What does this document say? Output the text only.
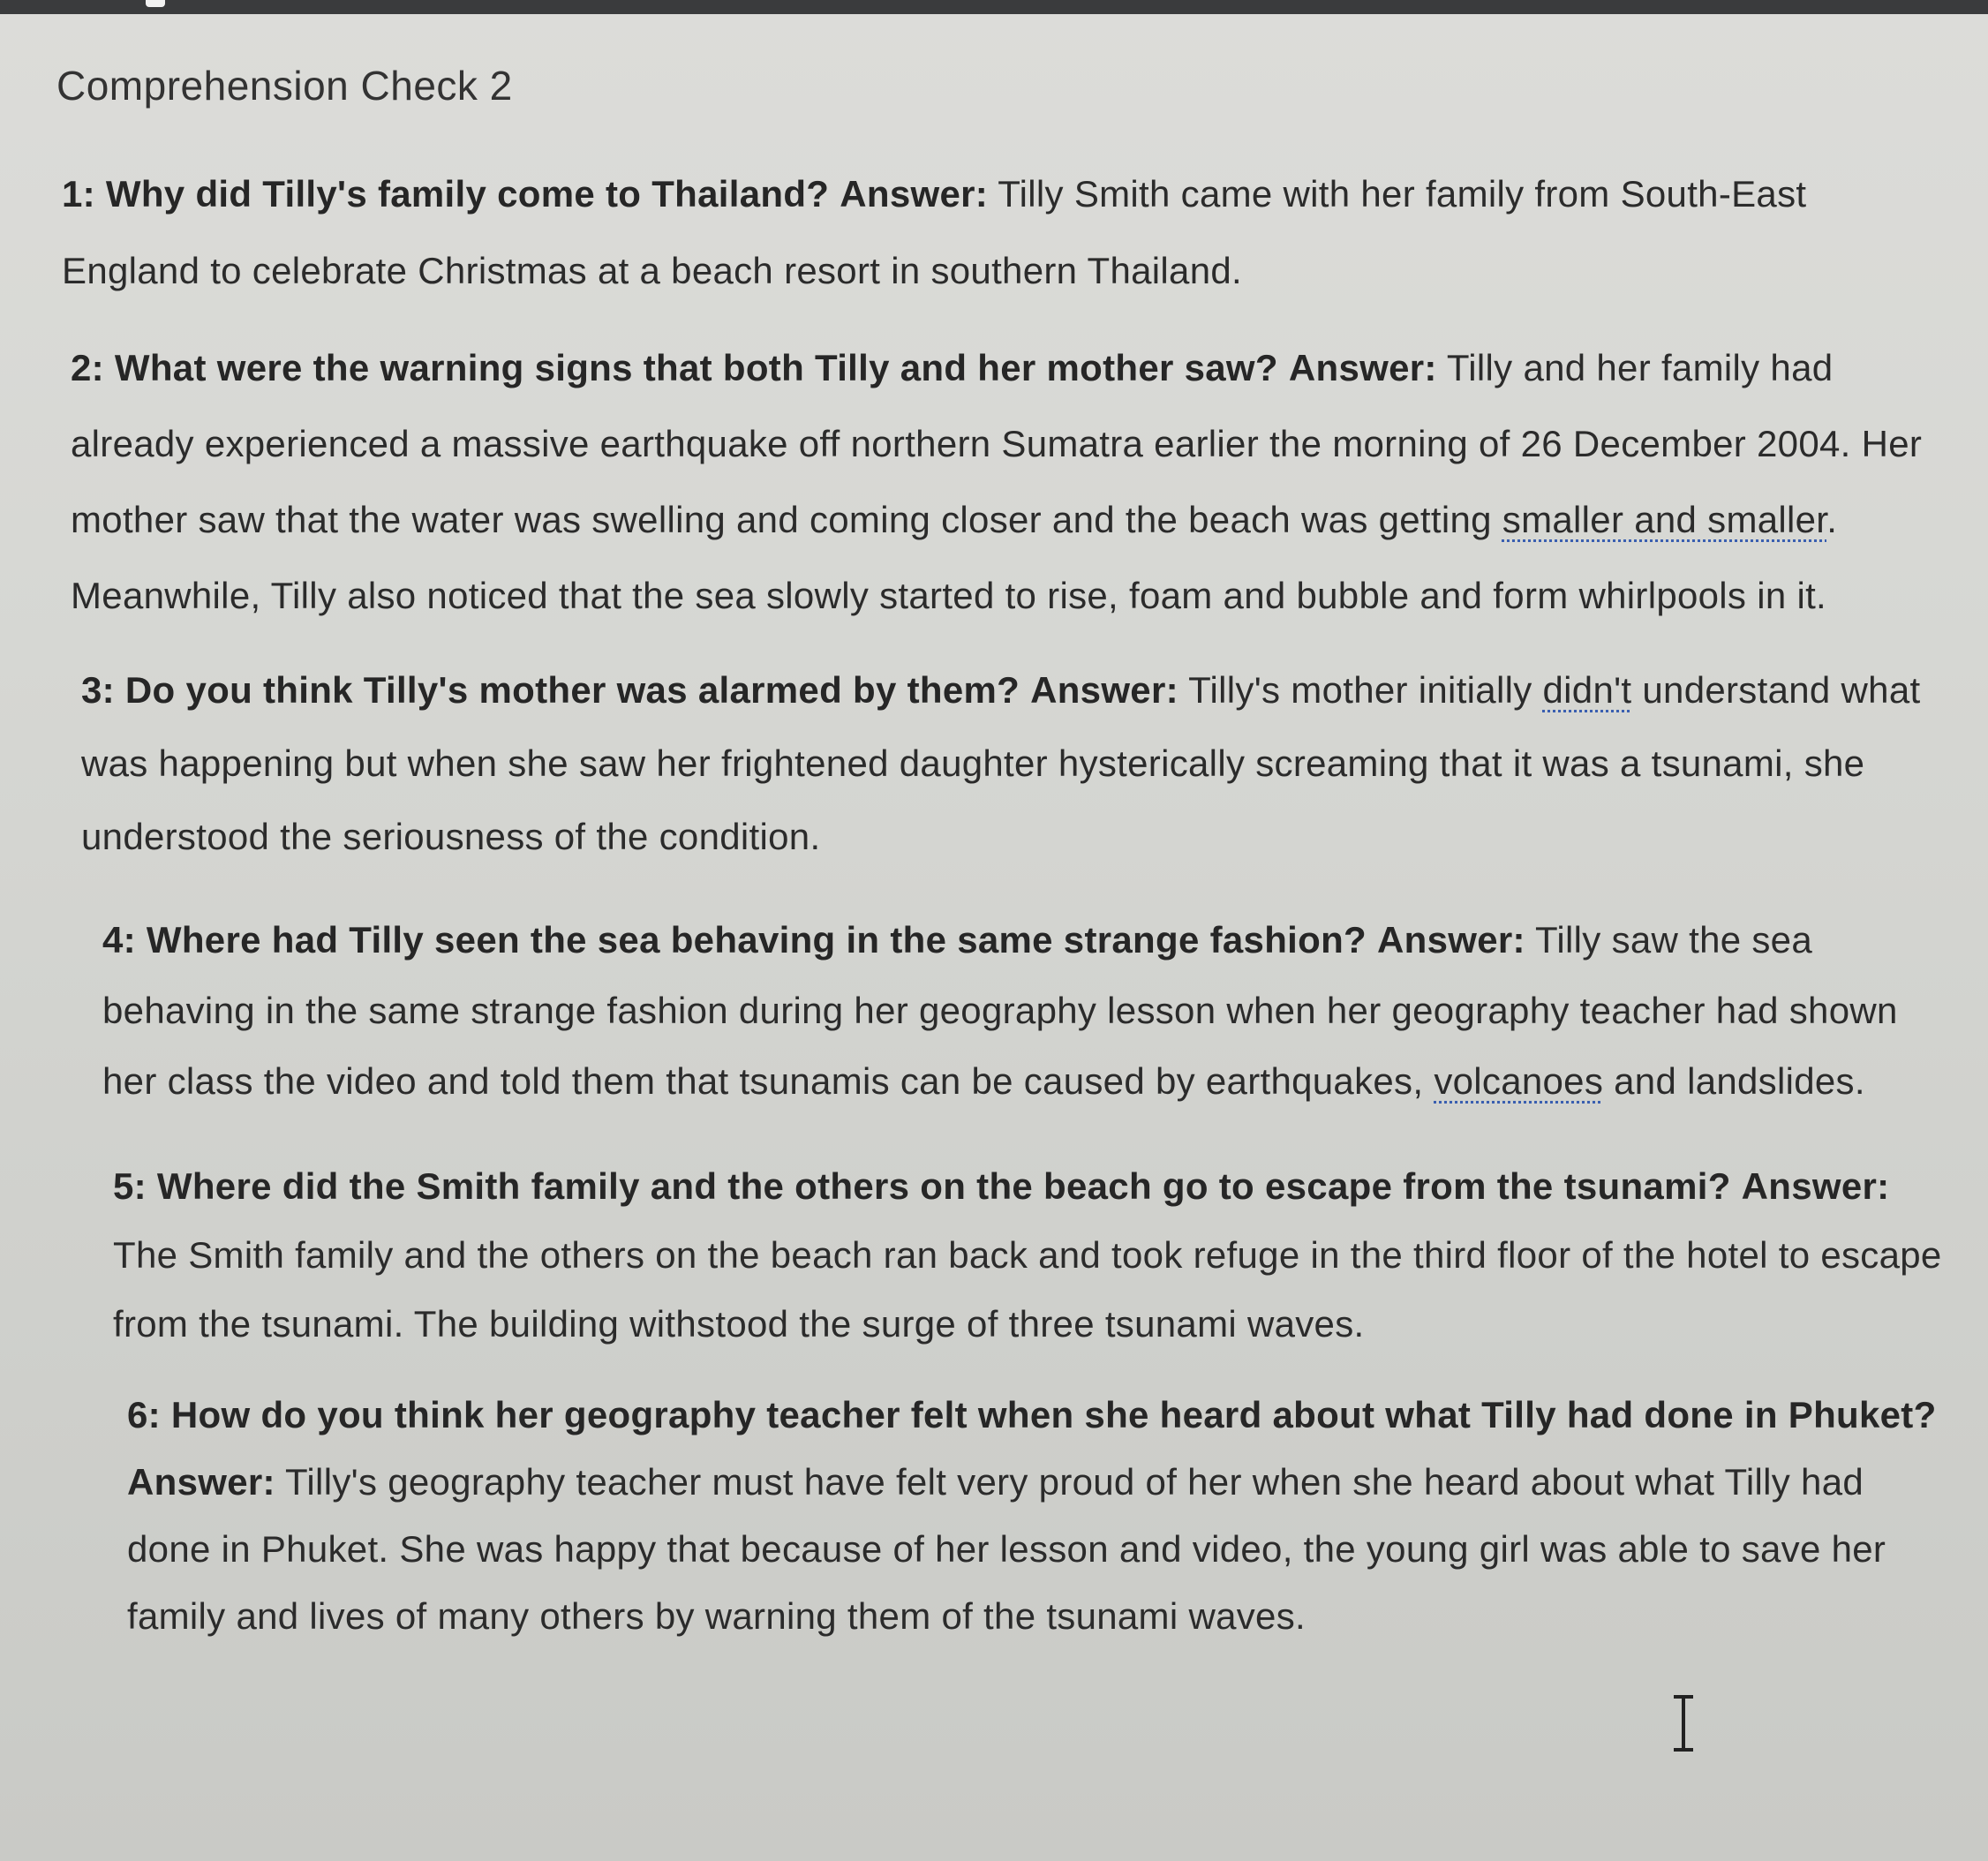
Comprehension Check 2

1: Why did Tilly's family come to Thailand? Answer: Tilly Smith came with her family from South-East England to celebrate Christmas at a beach resort in southern Thailand.

2: What were the warning signs that both Tilly and her mother saw? Answer: Tilly and her family had already experienced a massive earthquake off northern Sumatra earlier the morning of 26 December 2004. Her mother saw that the water was swelling and coming closer and the beach was getting smaller and smaller. Meanwhile, Tilly also noticed that the sea slowly started to rise, foam and bubble and form whirlpools in it.

3: Do you think Tilly's mother was alarmed by them? Answer: Tilly's mother initially didn't understand what was happening but when she saw her frightened daughter hysterically screaming that it was a tsunami, she understood the seriousness of the condition.

4: Where had Tilly seen the sea behaving in the same strange fashion? Answer: Tilly saw the sea behaving in the same strange fashion during her geography lesson when her geography teacher had shown her class the video and told them that tsunamis can be caused by earthquakes, volcanoes and landslides.

5: Where did the Smith family and the others on the beach go to escape from the tsunami? Answer: The Smith family and the others on the beach ran back and took refuge in the third floor of the hotel to escape from the tsunami. The building withstood the surge of three tsunami waves.

6: How do you think her geography teacher felt when she heard about what Tilly had done in Phuket? Answer: Tilly's geography teacher must have felt very proud of her when she heard about what Tilly had done in Phuket. She was happy that because of her lesson and video, the young girl was able to save her family and lives of many others by warning them of the tsunami waves.
